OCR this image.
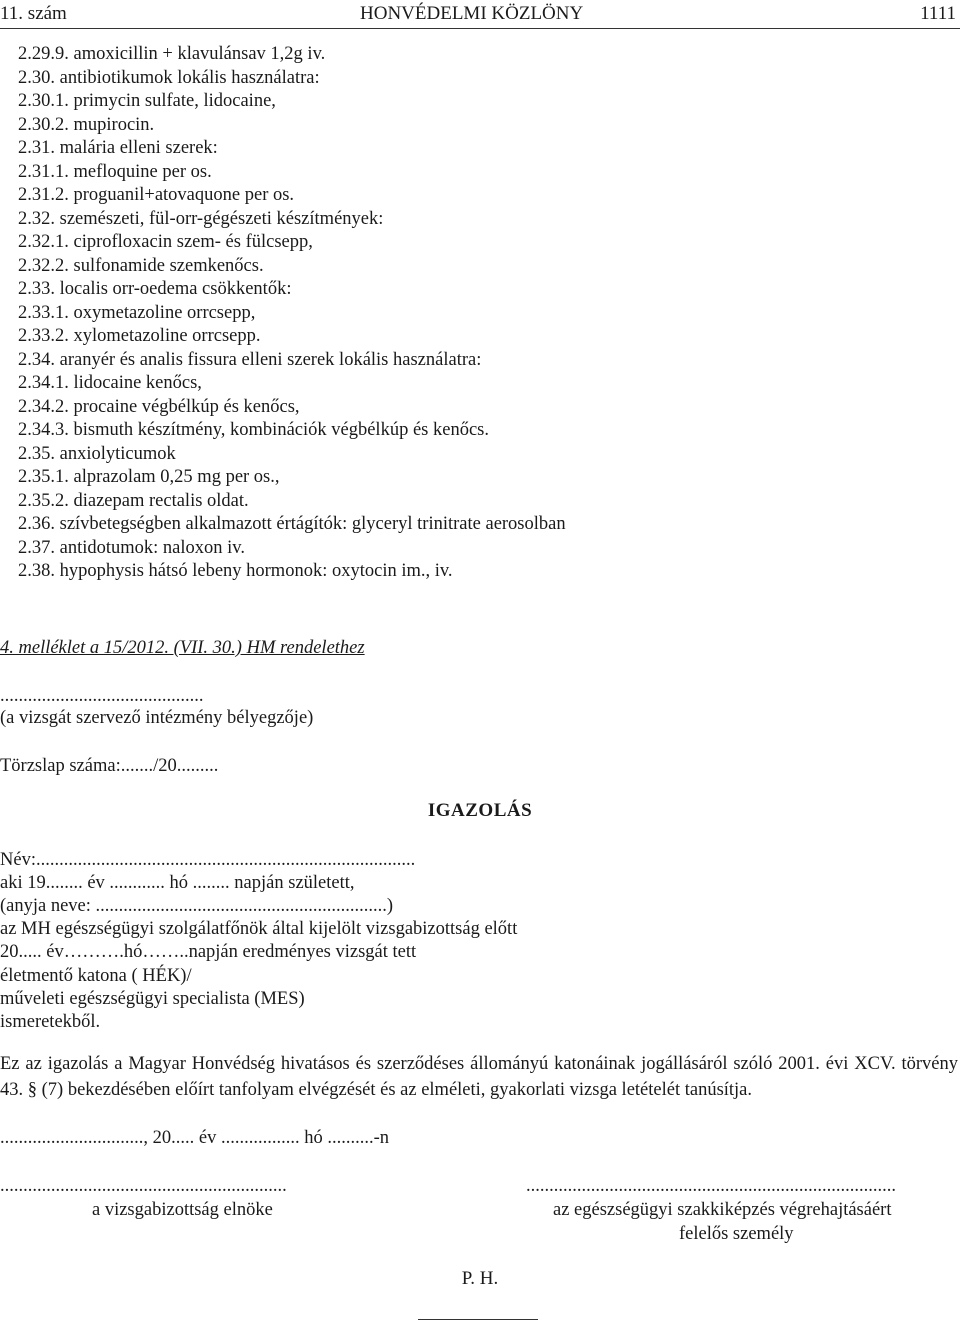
11. szám	HONVÉDELMI KÖZLÖNY	1111
2.29.9. amoxicillin + klavulánsav 1,2g iv.
2.30. antibiotikumok lokális használatra:
2.30.1. primycin sulfate, lidocaine,
2.30.2. mupirocin.
2.31. malária elleni szerek:
2.31.1. mefloquine per os.
2.31.2. proguanil+atovaquone per os.
2.32. szemészeti, fül-orr-gégészeti készítmények:
2.32.1. ciprofloxacin szem- és fülcsepp,
2.32.2. sulfonamide szemkenőcs.
2.33. localis orr-oedema csökkentők:
2.33.1. oxymetazoline orrcsepp,
2.33.2. xylometazoline orrcsepp.
2.34. aranyér és analis fissura elleni szerek lokális használatra:
2.34.1. lidocaine kenőcs,
2.34.2. procaine végbélkúp és kenőcs,
2.34.3. bismuth készítmény, kombinációk végbélkúp és kenőcs.
2.35. anxiolyticumok
2.35.1. alprazolam 0,25 mg per os.,
2.35.2. diazepam rectalis oldat.
2.36. szívbetegségben alkalmazott értágítók: glyceryl trinitrate aerosolban
2.37. antidotumok: naloxon iv.
2.38. hypophysis hátsó lebeny hormonok: oxytocin im., iv.
4. melléklet a 15/2012. (VII. 30.) HM rendelethez
............................................
(a vizsgát szervező intézmény bélyegzője)
Törzslap száma:......./20.........
IGAZOLÁS
Név:..................................................................................
aki 19........ év ............ hó ........ napján született,
(anyja neve: ...............................................................)
az MH egészségügyi szolgálatfőnök által kijelölt vizsgabizottság előtt
20..... év……….hó……..napján eredményes vizsgát tett
életmentő katona ( HÉK)/
műveleti egészségügyi specialista (MES)
ismeretekből.
Ez az igazolás a Magyar Honvédség hivatásos és szerződéses állományú katonáinak jogállásáról szóló 2001. évi XCV. törvény 43. § (7) bekezdésében előírt tanfolyam elvégzését és az elméleti, gyakorlati vizsga letételét tanúsítja.
..............................., 20..... év ................. hó ..........-n
..............................................................
a vizsgabizottság elnöke
................................................................................
az egészségügyi szakkiképzés végrehajtásáért
felelős személy
P. H.
